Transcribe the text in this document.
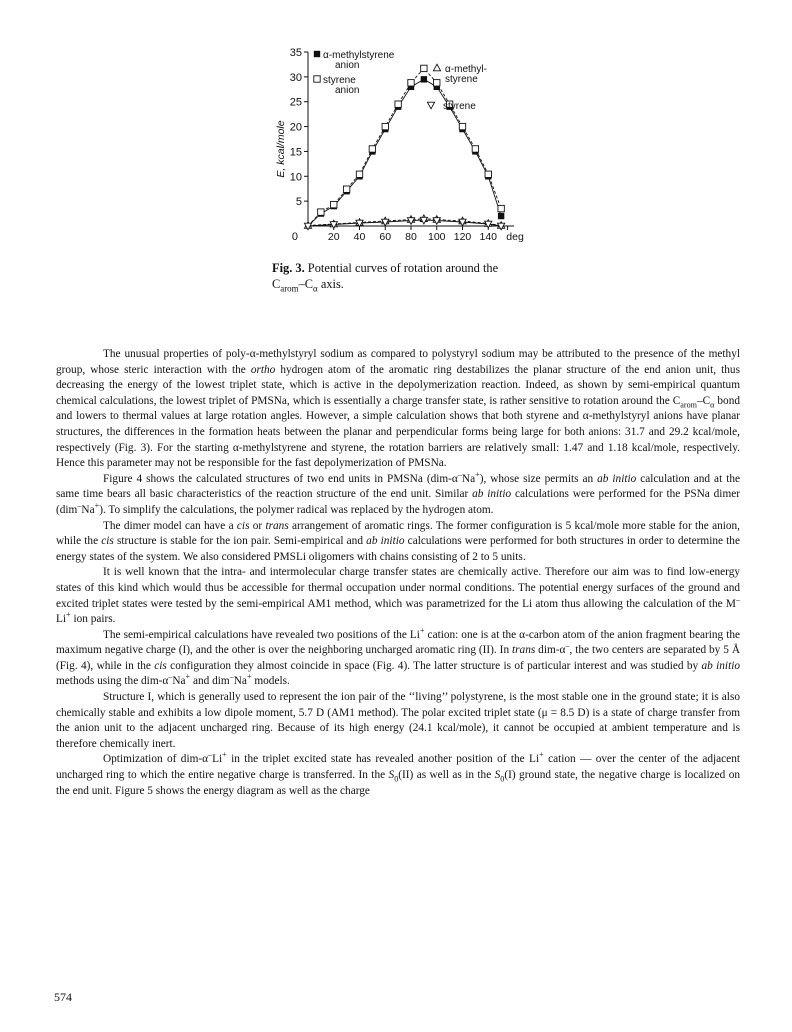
0
5
10
15
20
25
30
35
20 40 60 80 100 120 140 deg
E, kcal/mole
α-methylstyrene
anion
styrene
anion
α-methyl-
styrene
styrene
Fig. 3. Potential curves of rotation around the
$C_{arom}-C_\alpha$ axis.

The unusual properties of poly-α-methylstyryl sodium as compared to polystyryl sodium may be attributed to the presence of the methyl group, whose steric interaction with the ortho hydrogen atom of the aromatic ring destabilizes the planar structure of the end anion unit, thus decreasing the energy of the lowest triplet state, which is active in the depolymerization reaction. Indeed, as shown by semi-empirical quantum chemical calculations, the lowest triplet of PMSNa, which is essentially a charge transfer state, is rather sensitive to rotation around the $C_{arom}-C_\alpha$ bond and lowers to thermal values at large rotation angles. However, a simple calculation shows that both styrene and α-methylstyryl anions have planar structures, the differences in the formation heats between the planar and perpendicular forms being large for both anions: 31.7 and 29.2 kcal/mole, respectively (Fig. 3). For the starting α-methylstyrene and styrene, the rotation barriers are relatively small: 1.47 and 1.18 kcal/mole, respectively. Hence this parameter may not be responsible for the fast depolymerization of PMSNa.

Figure 4 shows the calculated structures of two end units in PMSNa (dim-α–Na+), whose size permits an ab initio calculation and at the same time bears all basic characteristics of the reaction structure of the end unit. Similar ab initio calculations were performed for the PSNa dimer (dim–Na+). To simplify the calculations, the polymer radical was replaced by the hydrogen atom.

The dimer model can have a cis or trans arrangement of aromatic rings. The former configuration is 5 kcal/mole more stable for the anion, while the cis structure is stable for the ion pair. Semi-empirical and ab initio calculations were performed for both structures in order to determine the energy states of the system. We also considered PMSLi oligomers with chains consisting of 2 to 5 units.

It is well known that the intra- and intermolecular charge transfer states are chemically active. Therefore our aim was to find low-energy states of this kind which would thus be accessible for thermal occupation under normal conditions. The potential energy surfaces of the ground and excited triplet states were tested by the semi-empirical AM1 method, which was parametrized for the Li atom thus allowing the calculation of the M–Li+ ion pairs.

The semi-empirical calculations have revealed two positions of the Li+ cation: one is at the α-carbon atom of the anion fragment bearing the maximum negative charge (I), and the other is over the neighboring uncharged aromatic ring (II). In trans dim-α–, the two centers are separated by 5 Å (Fig. 4), while in the cis configuration they almost coincide in space (Fig. 4). The latter structure is of particular interest and was studied by ab initio methods using the dim-α–Na+ and dim–Na+ models.

Structure I, which is generally used to represent the ion pair of the ‘‘living’’ polystyrene, is the most stable one in the ground state; it is also chemically stable and exhibits a low dipole moment, 5.7 D (AM1 method). The polar excited triplet state (μ = 8.5 D) is a state of charge transfer from the anion unit to the adjacent uncharged ring. Because of its high energy (24.1 kcal/mole), it cannot be occupied at ambient temperature and is therefore chemically inert.

Optimization of dim-α–Li+ in the triplet excited state has revealed another position of the Li+ cation — over the center of the adjacent uncharged ring to which the entire negative charge is transferred. In the $S_0(II)$ as well as in the $S_0(I)$ ground state, the negative charge is localized on the end unit. Figure 5 shows the energy diagram as well as the charge

574
